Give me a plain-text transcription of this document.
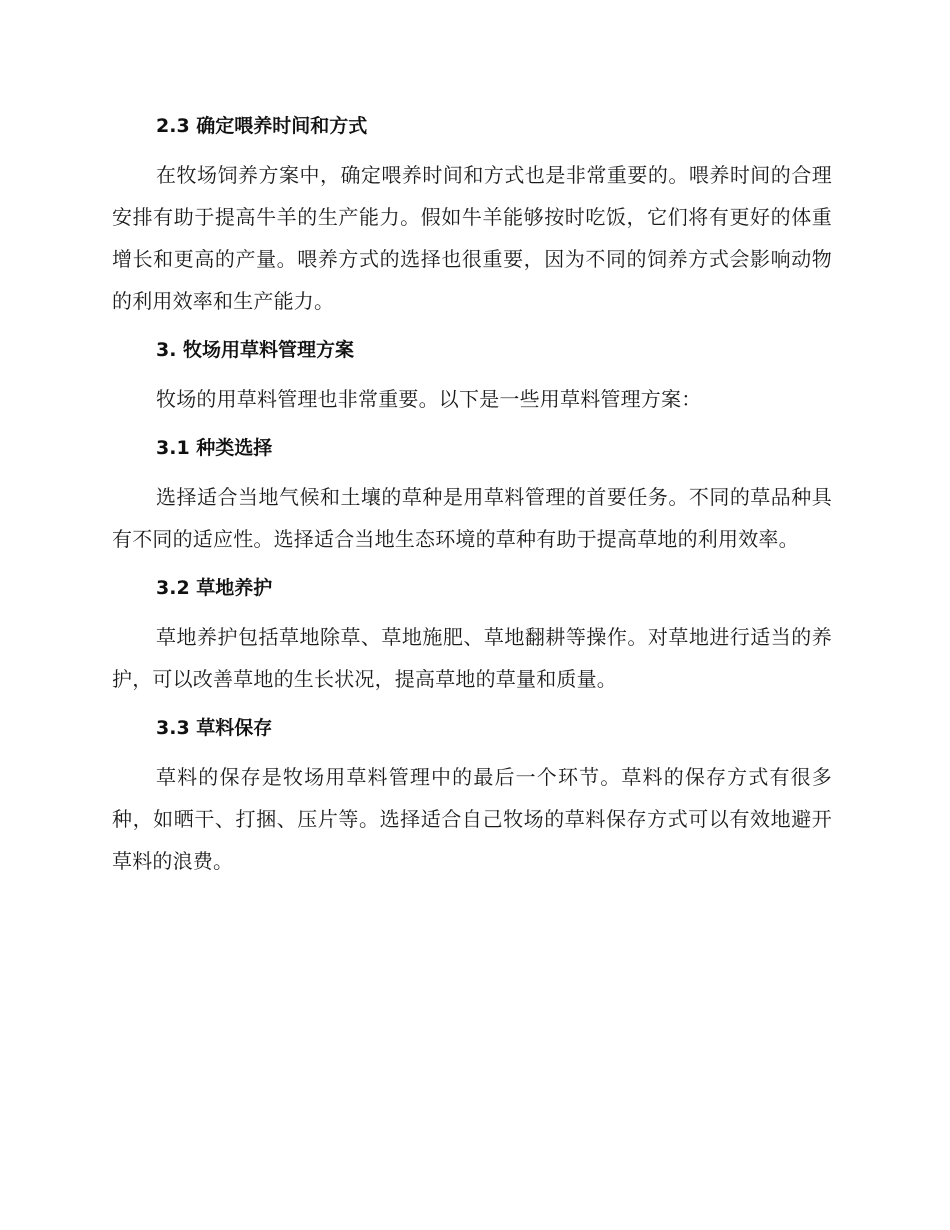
2.3 确定喂养时间和方式

在牧场饲养方案中，确定喂养时间和方式也是非常重要的。喂养时间的合理安排有助于提高牛羊的生产能力。假如牛羊能够按时吃饭，它们将有更好的体重增长和更高的产量。喂养方式的选择也很重要，因为不同的饲养方式会影响动物的利用效率和生产能力。

3. 牧场用草料管理方案

牧场的用草料管理也非常重要。以下是一些用草料管理方案：

3.1 种类选择

选择适合当地气候和土壤的草种是用草料管理的首要任务。不同的草品种具有不同的适应性。选择适合当地生态环境的草种有助于提高草地的利用效率。

3.2 草地养护

草地养护包括草地除草、草地施肥、草地翻耕等操作。对草地进行适当的养护，可以改善草地的生长状况，提高草地的草量和质量。

3.3 草料保存

草料的保存是牧场用草料管理中的最后一个环节。草料的保存方式有很多种，如晒干、打捆、压片等。选择适合自己牧场的草料保存方式可以有效地避开草料的浪费。
